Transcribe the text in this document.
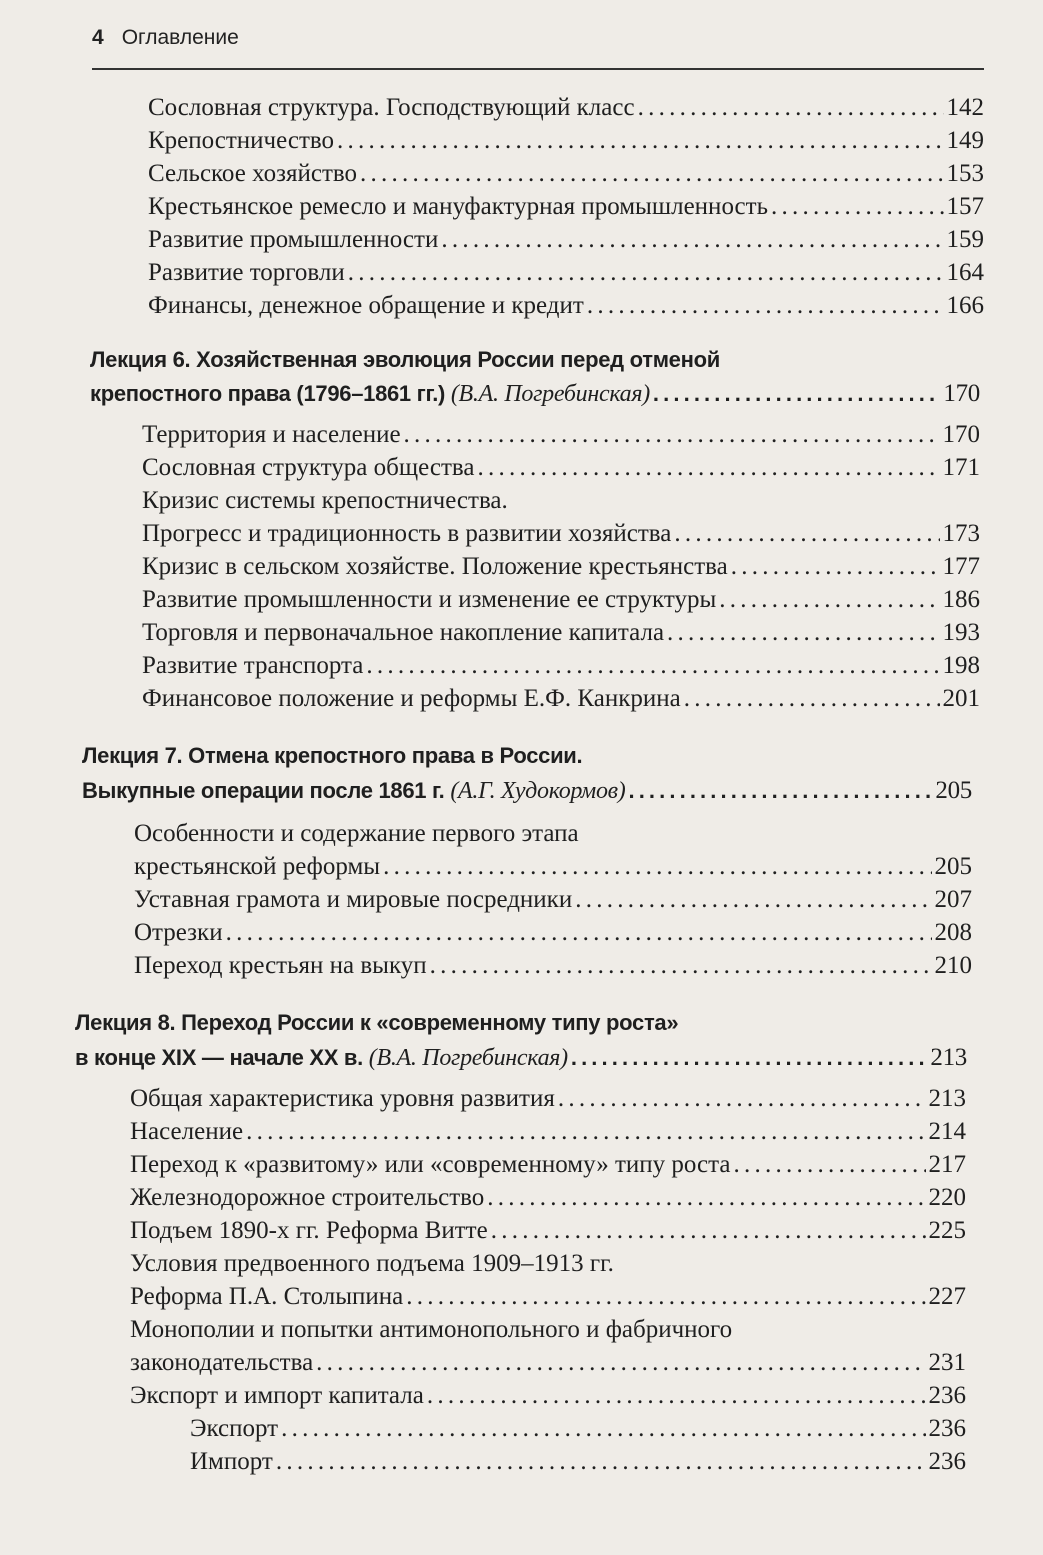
4 Оглавление
Сословная структура. Господствующий класс . . .	142
Крепостничество . . .	149
Сельское хозяйство . . .	153
Крестьянское ремесло и мануфактурная промышленность . . .	157
Развитие промышленности . . .	159
Развитие торговли . . .	164
Финансы, денежное обращение и кредит . . .	166
Лекция 6. Хозяйственная эволюция России перед отменой
крепостного права (1796–1861 гг.)
(В.А. Погребинская) . . .	170
Территория и население . . .	170
Сословная структура общества . . .	171
Кризис системы крепостничества.
Прогресс и традиционность в развитии хозяйства . . .	173
Кризис в сельском хозяйстве. Положение крестьянства . . .	177
Развитие промышленности и изменение ее структуры . . .	186
Торговля и первоначальное накопление капитала . . .	193
Развитие транспорта . . .	198
Финансовое положение и реформы Е.Ф. Канкрина . . .	201
Лекция 7. Отмена крепостного права в России.
Выкупные операции после 1861 г.
(А.Г. Худокормов) . . .	205
Особенности и содержание первого этапа
крестьянской реформы . . .	205
Уставная грамота и мировые посредники . . .	207
Отрезки . . .	208
Переход крестьян на выкуп . . .	210
Лекция 8. Переход России к «современному типу роста»
в конце XIX — начале XX в.
(В.А. Погребинская) . . .	213
Общая характеристика уровня развития . . .	213
Население . . .	214
Переход к «развитому» или «современному» типу роста . . .	217
Железнодорожное строительство . . .	220
Подъем 1890-х гг. Реформа Витте . . .	225
Условия предвоенного подъема 1909–1913 гг.
Реформа П.А. Столыпина . . .	227
Монополии и попытки антимонопольного и фабричного
законодательства . . .	231
Экспорт и импорт капитала . . .	236
Экспорт . . .	236
Импорт . . .	236
